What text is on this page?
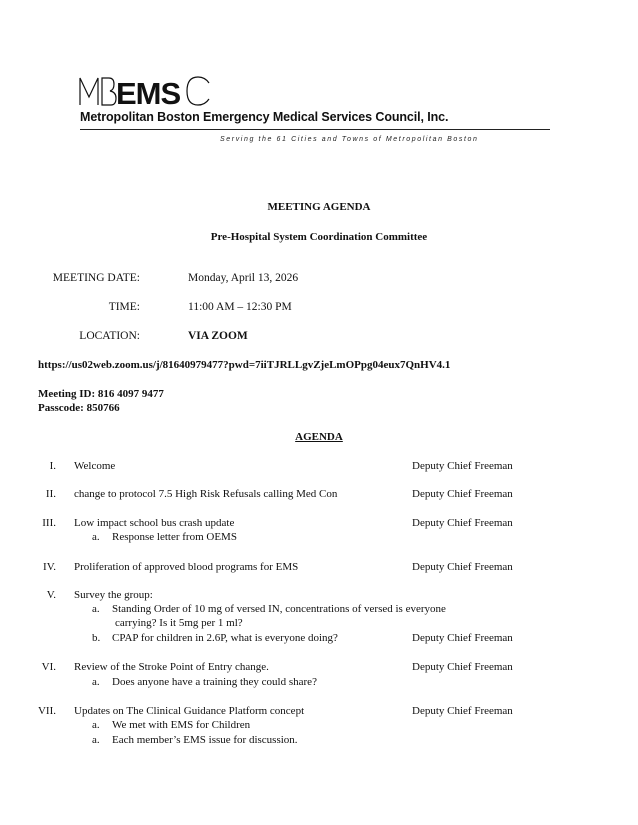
EMS
Metropolitan Boston Emergency Medical Services Council, Inc.
Serving the 61 Cities and Towns of Metropolitan Boston
MEETING AGENDA
Pre-Hospital System Coordination Committee
MEETING DATE:	Monday, April 13, 2026
TIME:	11:00 AM – 12:30 PM
LOCATION:	VIA ZOOM
https://us02web.zoom.us/j/81640979477?pwd=7iiTJRLLgvZjeLmOPpg04eux7QnHV4.1
Meeting ID: 816 4097 9477
Passcode: 850766
AGENDA
I. Welcome	Deputy Chief Freeman
II. change to protocol 7.5 High Risk Refusals calling Med Con	Deputy Chief Freeman
III. Low impact school bus crash update	Deputy Chief Freeman
a. Response letter from OEMS
IV. Proliferation of approved blood programs for EMS	Deputy Chief Freeman
V. Survey the group:
a. Standing Order of 10 mg of versed IN, concentrations of versed is everyone
carrying? Is it 5mg per 1 ml?
b. CPAP for children in 2.6P, what is everyone doing?	Deputy Chief Freeman
VI. Review of the Stroke Point of Entry change.	Deputy Chief Freeman
a. Does anyone have a training they could share?
VII. Updates on The Clinical Guidance Platform concept	Deputy Chief Freeman
a. We met with EMS for Children
a. Each member’s EMS issue for discussion.
